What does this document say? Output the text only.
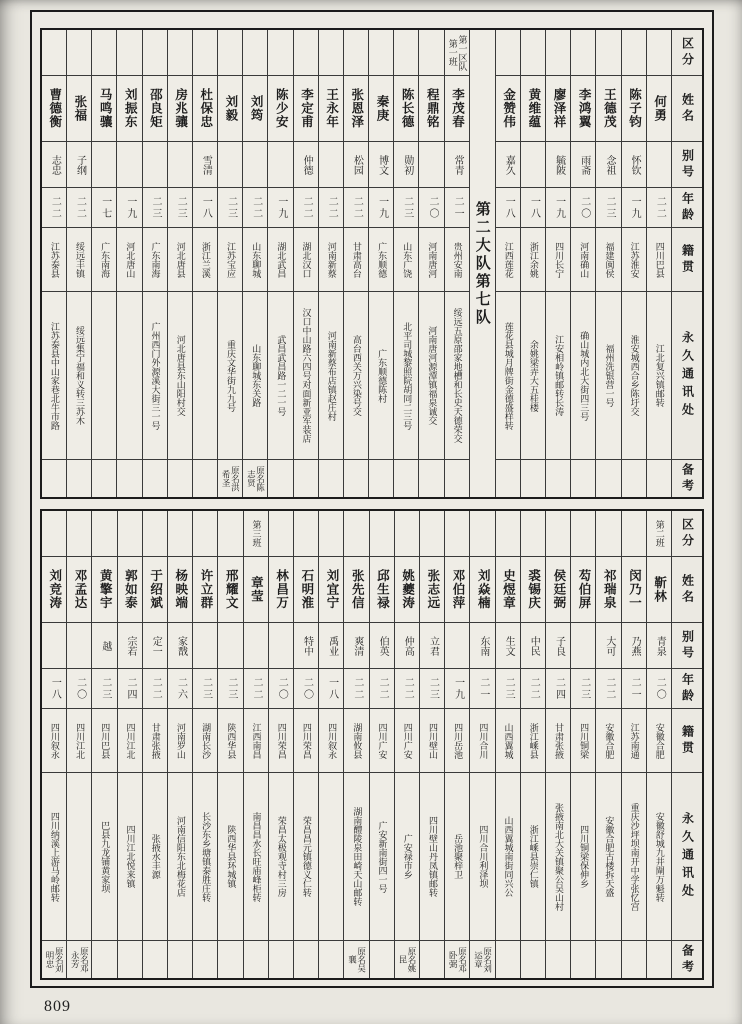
区分
姓名
别号
年龄
籍贯
永久通讯处
备考
何勇
二二
四川巴县
江北复兴镇邮转
陈子钧
怀钦
一九
江苏淮安
淮安城西合乡陈圩交
王德茂
念祖
二三
福建闽侯
福州洗银营一号
李鸿翼
雨斋
二〇
河南确山
确山城内北大街四三号
廖泽祥
毓陂
一九
四川长宁
江安相岭镇邮转长涛
黄维蕴
一八
浙江余姚
余姚梁弄大五桂楼
金赞伟
嘉久
一八
江西莲花
莲花县城月牌街金德盛样转
第二大队第七队
第一区队第一班
李茂春
常青
二一
贵州安南
绥远五原邵家地槽和长史天德荣交
程鼎铭
二〇
河南唐河
河南唐河源潭镇福泉诚交
陈长德
勋初
二三
山东广饶
北平司城黎照院胡同二三号
秦庚
博文
一九
广东顺德
广东顺德陈村
张恩泽
松园
二二
甘肃高台
高台西关万兴染号交
王永年
二二
河南新蔡
河南新蔡布店镇赵庄村
李定甫
仲德
二二
湖北汉口
汉口中山路六四号对面新亚军装店
陈少安
一九
湖北武昌
武昌武昌路一二一号
刘筠
二二
山东聊城
山东聊城东关路
原名陈志贤
刘毅
二三
江苏宝应
重庆文华街九九号
原名洪希圣
杜保忠
雪清
一八
浙江兰溪
房兆骧
二三
河北唐县
河北唐县东山阳村交
邵良矩
二三
广东南海
广州西门外源溪大街三一号
刘振东
一九
河北唐山
马鸣骧
一七
广东南海
张福
子纲
二二
绥远丰镇
绥远集宁福和义转三苏木
曹德衡
志忠
二二
江苏泰县
江苏泰县中山家巷北牛市路
区分
姓名
别号
年龄
籍贯
永久通讯处
备考
第二班
靳林
青泉
二〇
安徽合肥
安徽舒城九井閘万魁转
闵乃一
乃燕
二一
江苏南通
重庆沙坪坝南开中学张忆宫
祁瑞泉
大可
二二
安徽合肥
安徽合肥古楼拆天盛
芶伯屏
二三
四川铜梁
四川铜梁保伸乡
侯廷弼
子良
二四
甘肃张掖
张掖南北大关镇聚公吴山村
裘锡庆
中民
二二
浙江嵊县
浙江嵊县崇仁镇
史煜章
生文
二三
山西翼城
山西翼城南街同兴公
刘焱楠
东南
二一
四川合川
四川合川利泽坝
原名刘运章
邓伯萍
一九
四川岳池
岳池聚梓卫
原名邓卧弼
张志远
立君
二三
四川壁山
四川壁山丹凤镇邮转
姚夔涛
仲高
二二
四川广安
广安禄市乡
原名姚昆
邱生禄
伯英
二二
四川广安
广安新南街四一号
张先信
爽清
二二
湖南攸县
湖南醴陵泉田崎天山邮转
原名吴襄
刘宜宁
禹业
一八
四川叙永
石明淮
特中
二〇
四川荣昌
荣昌昌元镇德义仁转
林昌万
二〇
四川荣昌
荣昌太极观寺村三房
第三班
章莹
二二
江西南昌
南昌昌水长旺庙峰柜转
邢耀文
二三
陕西华县
陕西华县环城镇
许立群
二三
湖南长沙
长沙东乡塘镇泰胜庄转
杨映端
家戬
二六
河南罗山
河南信阳东北梅花店
于绍斌
定一
二二
甘肃张掖
张掖水丰源
郭如泰
宗若
二四
四川江北
四川江北悦来镇
黄擎宇
越
二三
四川巴县
巴县九龙铺黄家坝
邓孟达
二〇
四川江北
原名邓永芳
刘竞涛
一八
四川叙永
四川纳溪上游马岭邮转
原名刘明忠
809
